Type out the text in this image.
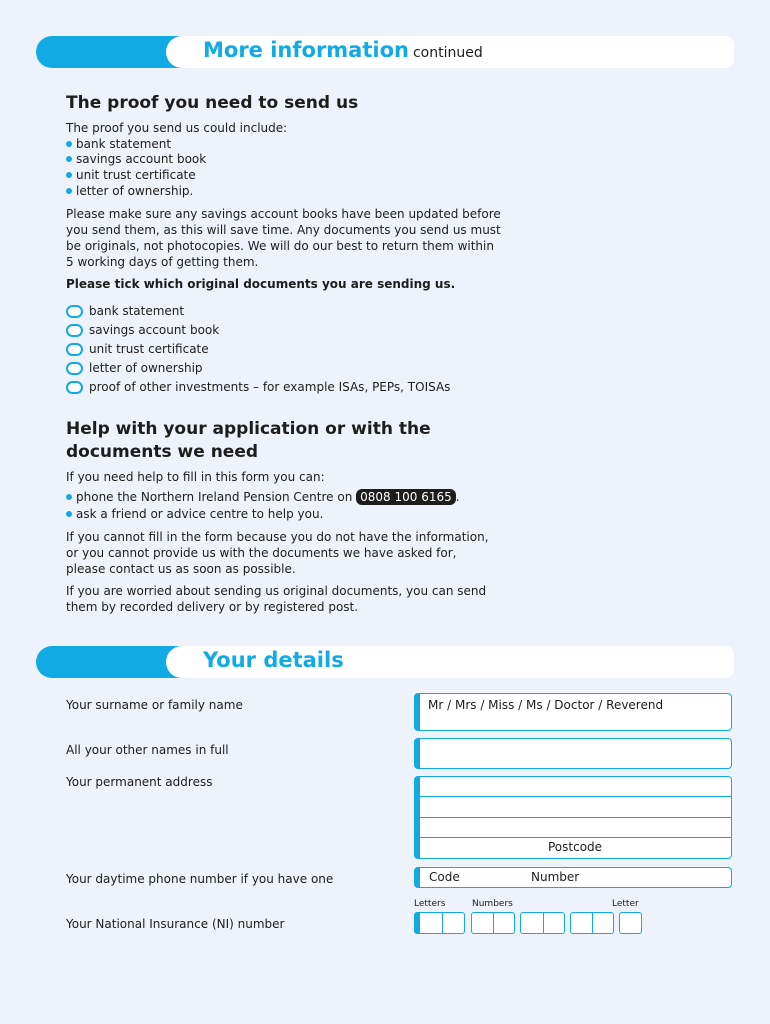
More information continued
The proof you need to send us
The proof you send us could include:
bank statement
savings account book
unit trust certificate
letter of ownership.
Please make sure any savings account books have been updated before
you send them, as this will save time. Any documents you send us must
be originals, not photocopies. We will do our best to return them within
5 working days of getting them.
Please tick which original documents you are sending us.
bank statement
savings account book
unit trust certificate
letter of ownership
proof of other investments – for example ISAs, PEPs, TOISAs
Help with your application or with the
documents we need
If you need help to fill in this form you can:
phone the Northern Ireland Pension Centre on 0808 100 6165 .
ask a friend or advice centre to help you.
If you cannot fill in the form because you do not have the information,
or you cannot provide us with the documents we have asked for,
please contact us as soon as possible.
If you are worried about sending us original documents, you can send
them by recorded delivery or by registered post.
Your details
Your surname or family name	Mr / Mrs / Miss / Ms / Doctor / Reverend
All your other names in full
Your permanent address
Postcode
Your daytime phone number if you have one	Code	Number
Your National Insurance (NI) number
Letters	Numbers	Letter
